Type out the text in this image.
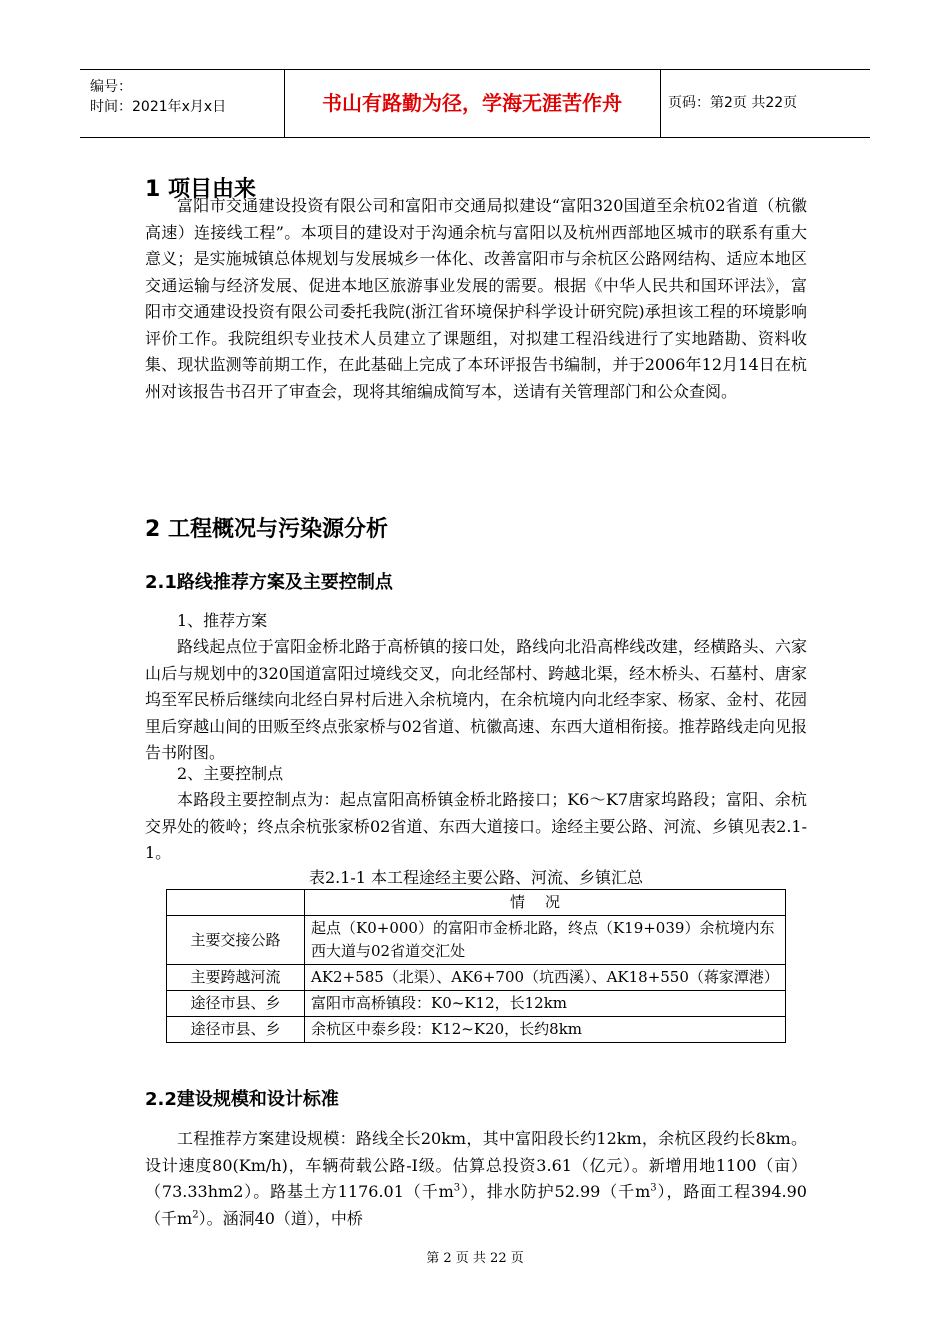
编号：
时间：2021年x月x日	书山有路勤为径，学海无涯苦作舟	页码：第2页 共22页
1 项目由来

富阳市交通建设投资有限公司和富阳市交通局拟建设“富阳320国道至余杭02省道（杭徽高速）连接线工程”。本项目的建设对于沟通余杭与富阳以及杭州西部地区城市的联系有重大意义；是实施城镇总体规划与发展城乡一体化、改善富阳市与余杭区公路网结构、适应本地区交通运输与经济发展、促进本地区旅游事业发展的需要。根据《中华人民共和国环评法》，富阳市交通建设投资有限公司委托我院(浙江省环境保护科学设计研究院)承担该工程的环境影响评价工作。我院组织专业技术人员建立了课题组，对拟建工程沿线进行了实地踏勘、资料收集、现状监测等前期工作，在此基础上完成了本环评报告书编制，并于2006年12月14日在杭州对该报告书召开了审查会，现将其缩编成简写本，送请有关管理部门和公众查阅。

2 工程概况与污染源分析
2.1路线推荐方案及主要控制点

1、推荐方案

路线起点位于富阳金桥北路于高桥镇的接口处，路线向北沿高桦线改建，经横路头、六家山后与规划中的320国道富阳过境线交叉，向北经郜村、跨越北渠，经木桥头、石墓村、唐家坞至军民桥后继续向北经白昇村后进入余杭境内，在余杭境内向北经李家、杨家、金村、花园里后穿越山间的田贩至终点张家桥与02省道、杭徽高速、东西大道相衔接。推荐路线走向见报告书附图。

2、主要控制点

本路段主要控制点为：起点富阳高桥镇金桥北路接口；K6～K7唐家坞路段；富阳、余杭交界处的筱岭；终点余杭张家桥02省道、东西大道接口。途经主要公路、河流、乡镇见表2.1-1。

表2.1-1 本工程途经主要公路、河流、乡镇汇总
	情况
主要交接公路	起点（K0+000）的富阳市金桥北路，终点（K19+039）余杭境内东西大道与02省道交汇处
主要跨越河流	AK2+585（北渠）、AK6+700（坑西溪）、AK18+550（蒋家潭港）
途径市县、乡	富阳市高桥镇段：K0~K12，长12km
途径市县、乡	余杭区中泰乡段：K12~K20，长约8km
2.2建设规模和设计标准

工程推荐方案建设规模：路线全长20km，其中富阳段长约12km，余杭区段约长8km。设计速度80(Km/h)，车辆荷载公路-I级。估算总投资3.61（亿元）。新增用地1100（亩）（73.33hm2）。路基土方1176.01（千$m^3$），排水防护52.99（千$m^3$），路面工程394.90（千$m^2$）。涵洞40（道），中桥

第 2 页 共 22 页
